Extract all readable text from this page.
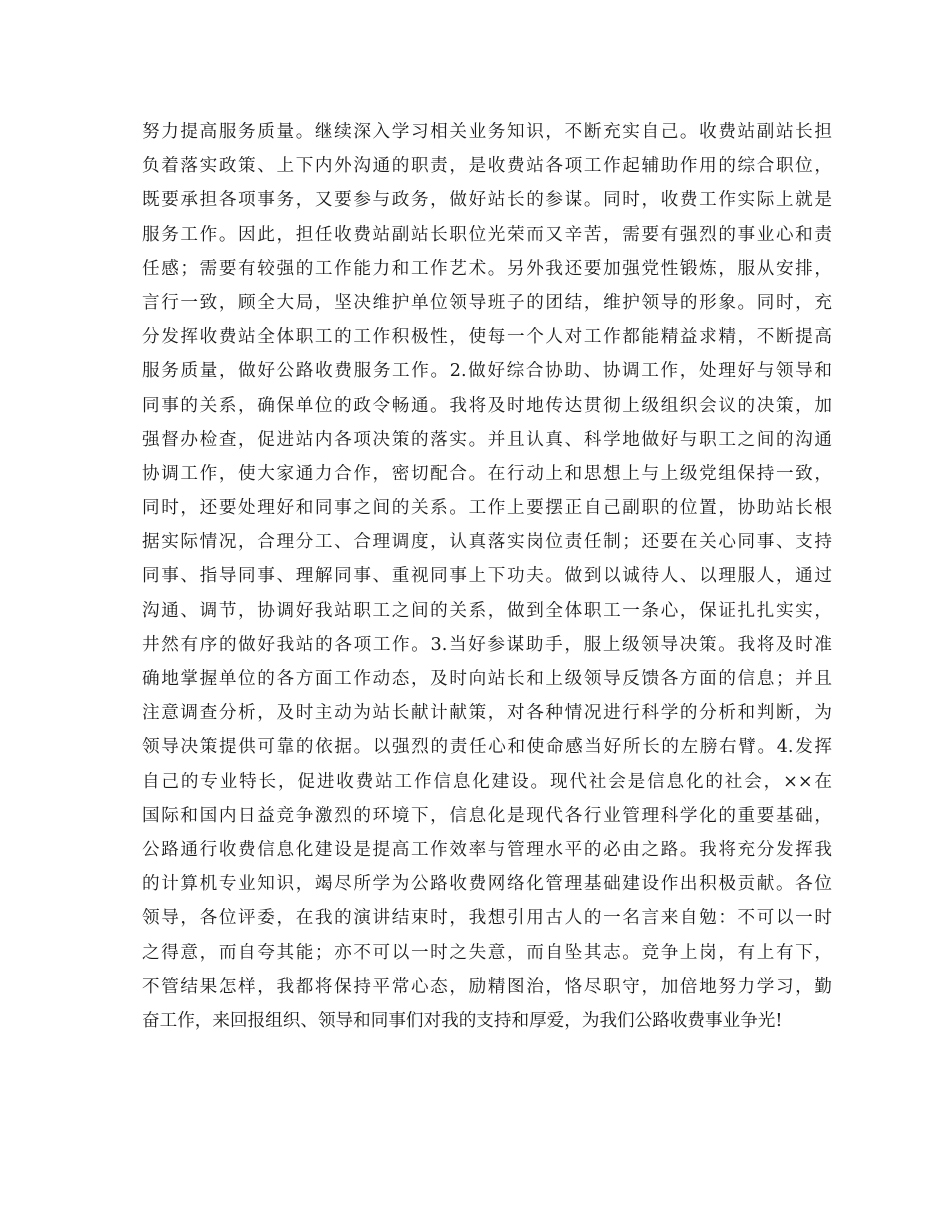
努力提高服务质量。继续深入学习相关业务知识，不断充实自己。收费站副站长担
负着落实政策、上下内外沟通的职责，是收费站各项工作起辅助作用的综合职位，
既要承担各项事务，又要参与政务，做好站长的参谋。同时，收费工作实际上就是
服务工作。因此，担任收费站副站长职位光荣而又辛苦，需要有强烈的事业心和责
任感；需要有较强的工作能力和工作艺术。另外我还要加强党性锻炼，服从安排，
言行一致，顾全大局，坚决维护单位领导班子的团结，维护领导的形象。同时，充
分发挥收费站全体职工的工作积极性，使每一个人对工作都能精益求精，不断提高
服务质量，做好公路收费服务工作。2.做好综合协助、协调工作，处理好与领导和
同事的关系，确保单位的政令畅通。我将及时地传达贯彻上级组织会议的决策，加
强督办检查，促进站内各项决策的落实。并且认真、科学地做好与职工之间的沟通
协调工作，使大家通力合作，密切配合。在行动上和思想上与上级党组保持一致，
同时，还要处理好和同事之间的关系。工作上要摆正自己副职的位置，协助站长根
据实际情况，合理分工、合理调度，认真落实岗位责任制；还要在关心同事、支持
同事、指导同事、理解同事、重视同事上下功夫。做到以诚待人、以理服人，通过
沟通、调节，协调好我站职工之间的关系，做到全体职工一条心，保证扎扎实实，
井然有序的做好我站的各项工作。3.当好参谋助手，服上级领导决策。我将及时准
确地掌握单位的各方面工作动态，及时向站长和上级领导反馈各方面的信息；并且
注意调查分析，及时主动为站长献计献策，对各种情况进行科学的分析和判断，为
领导决策提供可靠的依据。以强烈的责任心和使命感当好所长的左膀右臂。4.发挥
自己的专业特长，促进收费站工作信息化建设。现代社会是信息化的社会，××在
国际和国内日益竞争激烈的环境下，信息化是现代各行业管理科学化的重要基础，
公路通行收费信息化建设是提高工作效率与管理水平的必由之路。我将充分发挥我
的计算机专业知识，竭尽所学为公路收费网络化管理基础建设作出积极贡献。各位
领导，各位评委，在我的演讲结束时，我想引用古人的一名言来自勉：不可以一时
之得意，而自夸其能；亦不可以一时之失意，而自坠其志。竞争上岗，有上有下，
不管结果怎样，我都将保持平常心态，励精图治，恪尽职守，加倍地努力学习，勤
奋工作，来回报组织、领导和同事们对我的支持和厚爱，为我们公路收费事业争光!
